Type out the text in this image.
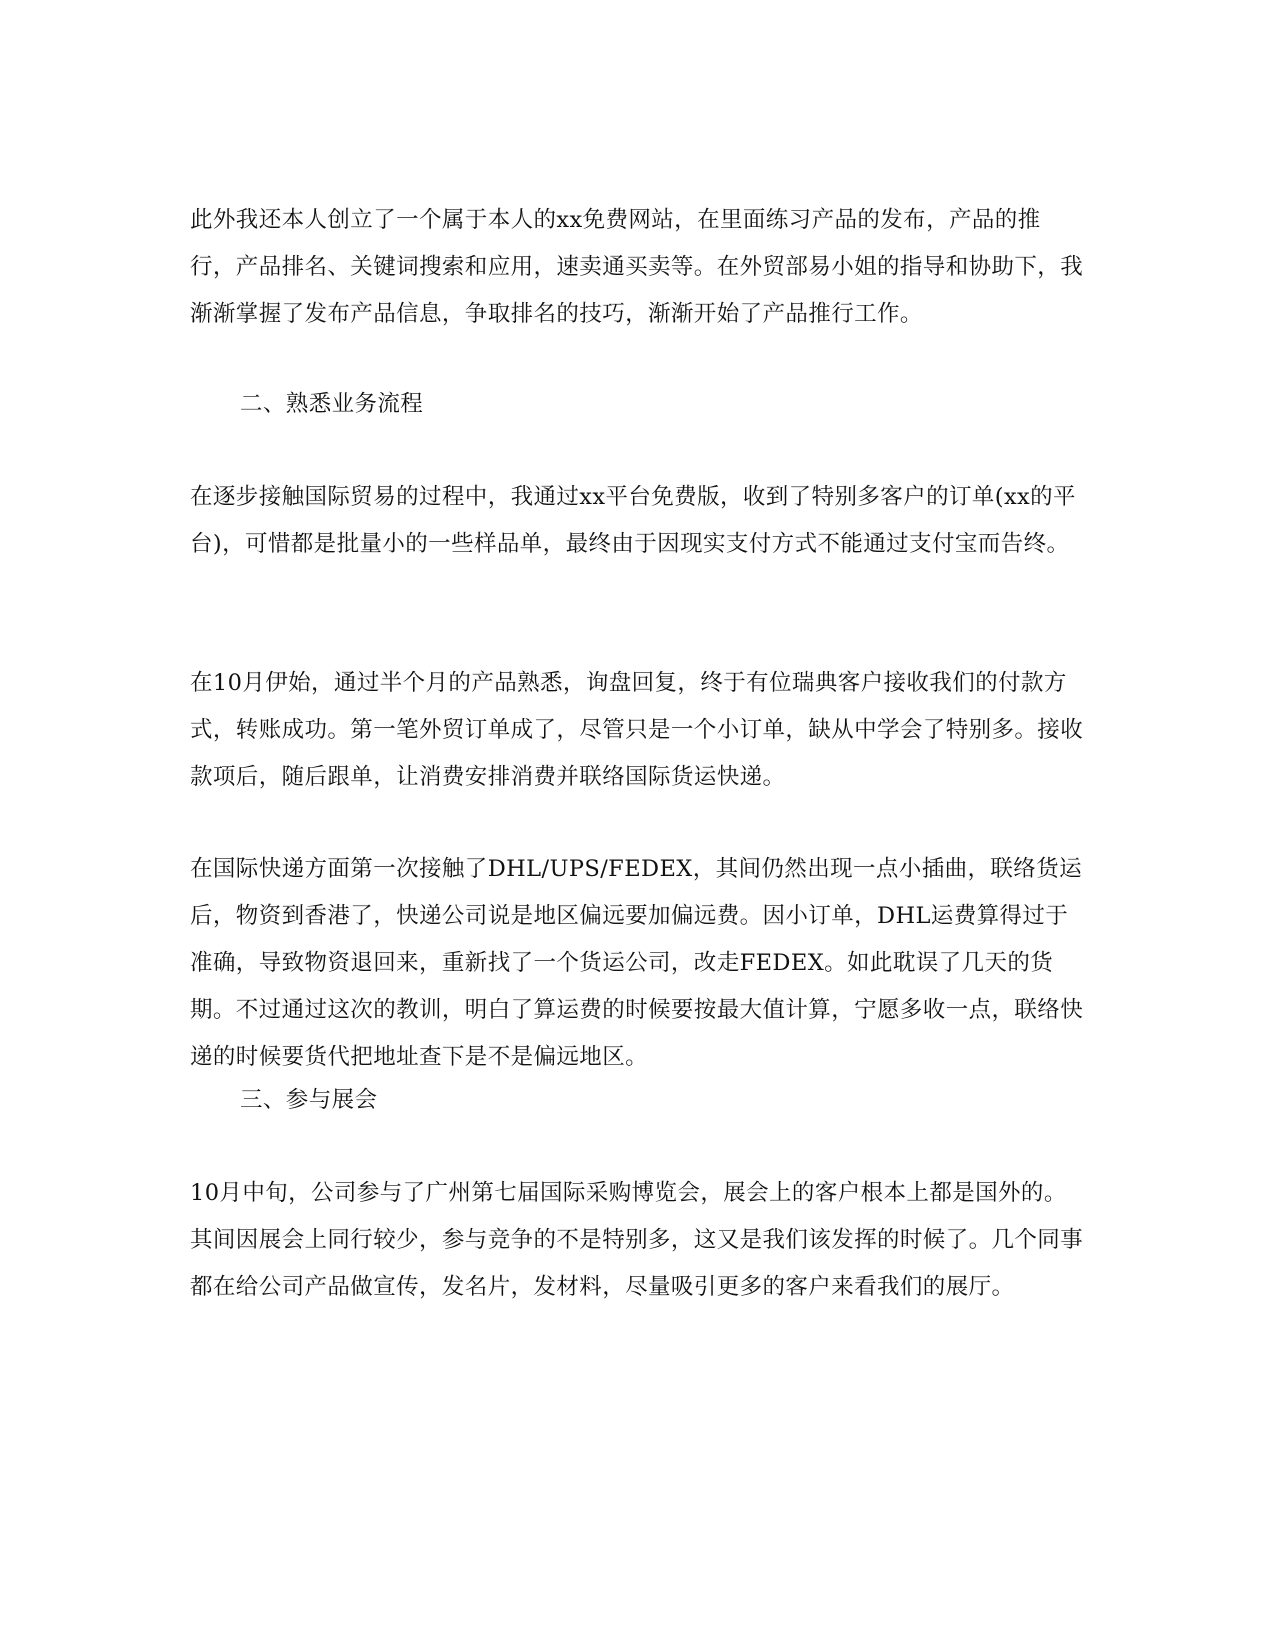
此外我还本人创立了一个属于本人的xx免费网站，在里面练习产品的发布，产品的推行，产品排名、关键词搜索和应用，速卖通买卖等。在外贸部易小姐的指导和协助下，我渐渐掌握了发布产品信息，争取排名的技巧，渐渐开始了产品推行工作。

二、熟悉业务流程

在逐步接触国际贸易的过程中，我通过xx平台免费版，收到了特别多客户的订单(xx的平台)，可惜都是批量小的一些样品单，最终由于因现实支付方式不能通过支付宝而告终。

在10月伊始，通过半个月的产品熟悉，询盘回复，终于有位瑞典客户接收我们的付款方式，转账成功。第一笔外贸订单成了，尽管只是一个小订单，缺从中学会了特别多。接收款项后，随后跟单，让消费安排消费并联络国际货运快递。

在国际快递方面第一次接触了DHL/UPS/FEDEX，其间仍然出现一点小插曲，联络货运后，物资到香港了，快递公司说是地区偏远要加偏远费。因小订单，DHL运费算得过于准确，导致物资退回来，重新找了一个货运公司，改走FEDEX。如此耽误了几天的货期。不过通过这次的教训，明白了算运费的时候要按最大值计算，宁愿多收一点，联络快递的时候要货代把地址查下是不是偏远地区。

三、参与展会

10月中旬，公司参与了广州第七届国际采购博览会，展会上的客户根本上都是国外的。其间因展会上同行较少，参与竞争的不是特别多，这又是我们该发挥的时候了。几个同事都在给公司产品做宣传，发名片，发材料，尽量吸引更多的客户来看我们的展厅。
